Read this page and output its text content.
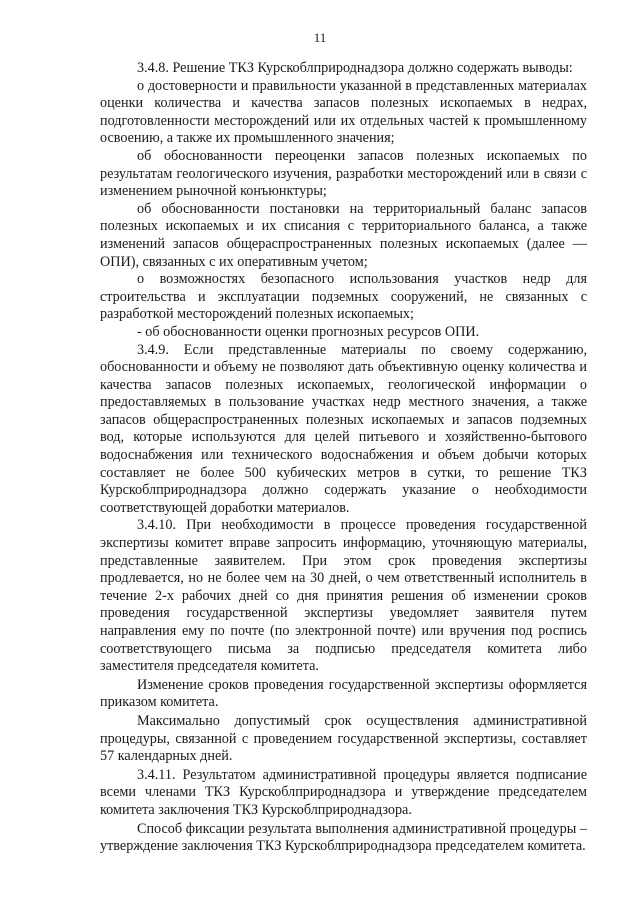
11

3.4.8. Решение ТКЗ Курскоблприроднадзора должно содержать выводы:

о достоверности и правильности указанной в представленных материалах оценки количества и качества запасов полезных ископаемых в недрах, подготовленности месторождений или их отдельных частей к промышленному освоению, а также их промышленного значения;

об обоснованности переоценки запасов полезных ископаемых по результатам геологического изучения, разработки месторождений или в связи с изменением рыночной конъюнктуры;

об обоснованности постановки на территориальный баланс запасов полезных ископаемых и их списания с территориального баланса, а также изменений запасов общераспространенных полезных ископаемых (далее — ОПИ), связанных с их оперативным учетом;

о возможностях безопасного использования участков недр для строительства и эксплуатации подземных сооружений, не связанных с разработкой месторождений полезных ископаемых;

- об обоснованности оценки прогнозных ресурсов ОПИ.

3.4.9. Если представленные материалы по своему содержанию, обоснованности и объему не позволяют дать объективную оценку количества и качества запасов полезных ископаемых, геологической информации о предоставляемых в пользование участках недр местного значения, а также запасов общераспространенных полезных ископаемых и запасов подземных вод, которые используются для целей питьевого и хозяйственно-бытового водоснабжения или технического водоснабжения и объем добычи которых составляет не более 500 кубических метров в сутки, то решение ТКЗ Курскоблприроднадзора должно содержать указание о необходимости соответствующей доработки материалов.

3.4.10. При необходимости в процессе проведения государственной экспертизы комитет вправе запросить информацию, уточняющую материалы, представленные заявителем. При этом срок проведения экспертизы продлевается, но не более чем на 30 дней, о чем ответственный исполнитель в течение 2-х рабочих дней со дня принятия решения об изменении сроков проведения государственной экспертизы уведомляет заявителя путем направления ему по почте (по электронной почте) или вручения под роспись соответствующего письма за подписью председателя комитета либо заместителя председателя комитета.

Изменение сроков проведения государственной экспертизы оформляется приказом комитета.

Максимально допустимый срок осуществления административной процедуры, связанной с проведением государственной экспертизы, составляет 57 календарных дней.

3.4.11. Результатом административной процедуры является подписание всеми членами ТКЗ Курскоблприроднадзора и утверждение председателем комитета заключения ТКЗ Курскоблприроднадзора.

Способ фиксации результата выполнения административной процедуры – утверждение заключения ТКЗ Курскоблприроднадзора председателем комитета.
